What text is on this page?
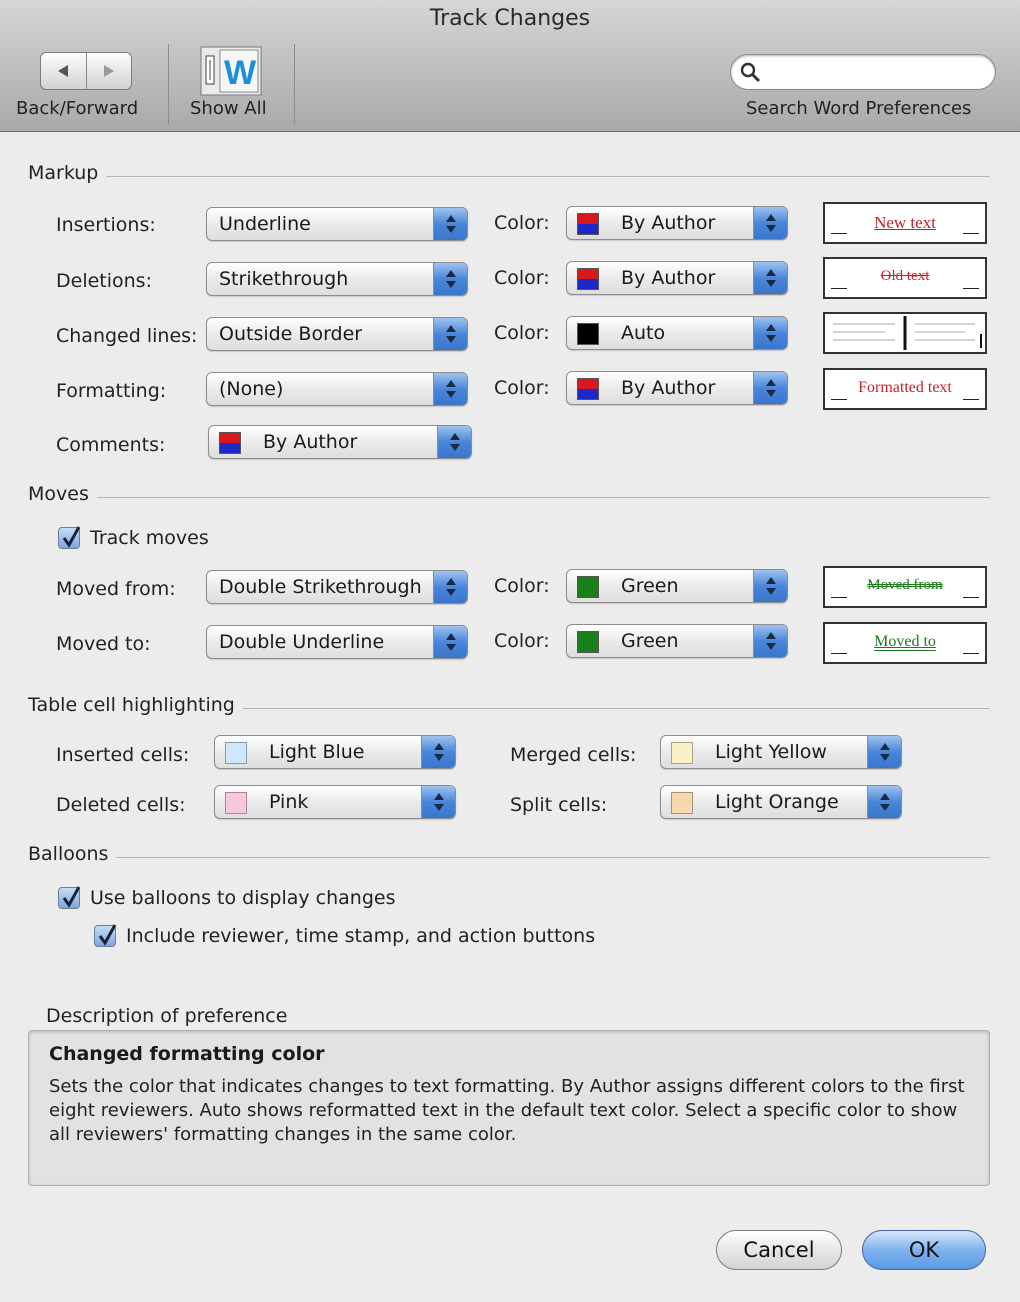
Track Changes
Back/Forward
W
Show All	Search Word Preferences
Markup
Insertions:	Underline	Color:	By Author	New text
Deletions:	Strikethrough	Color:	By Author	Old text
Changed lines: Outside Border	Color:	Auto
Formatting:	(None)	Color:	By Author	Formatted text
Comments:	By Author
Moves
Track moves
Moved from: Double Strikethrough	Color:	Green	Moved from
Moved to:	Double Underline	Color:	Green	Moved to
Table cell highlighting
Inserted cells:	Light Blue
Deleted cells:	Pink
Merged cells:	Light Yellow
Split cells:	Light Orange
Balloons
Use balloons to display changes
Include reviewer, time stamp, and action buttons
Description of preference
Changed formatting color
Sets the color that indicates changes to text formatting. By Author assigns different colors to the first eight reviewers. Auto shows reformatted text in the default text color. Select a specific color to show all reviewers' formatting changes in the same color.
Cancel	OK
